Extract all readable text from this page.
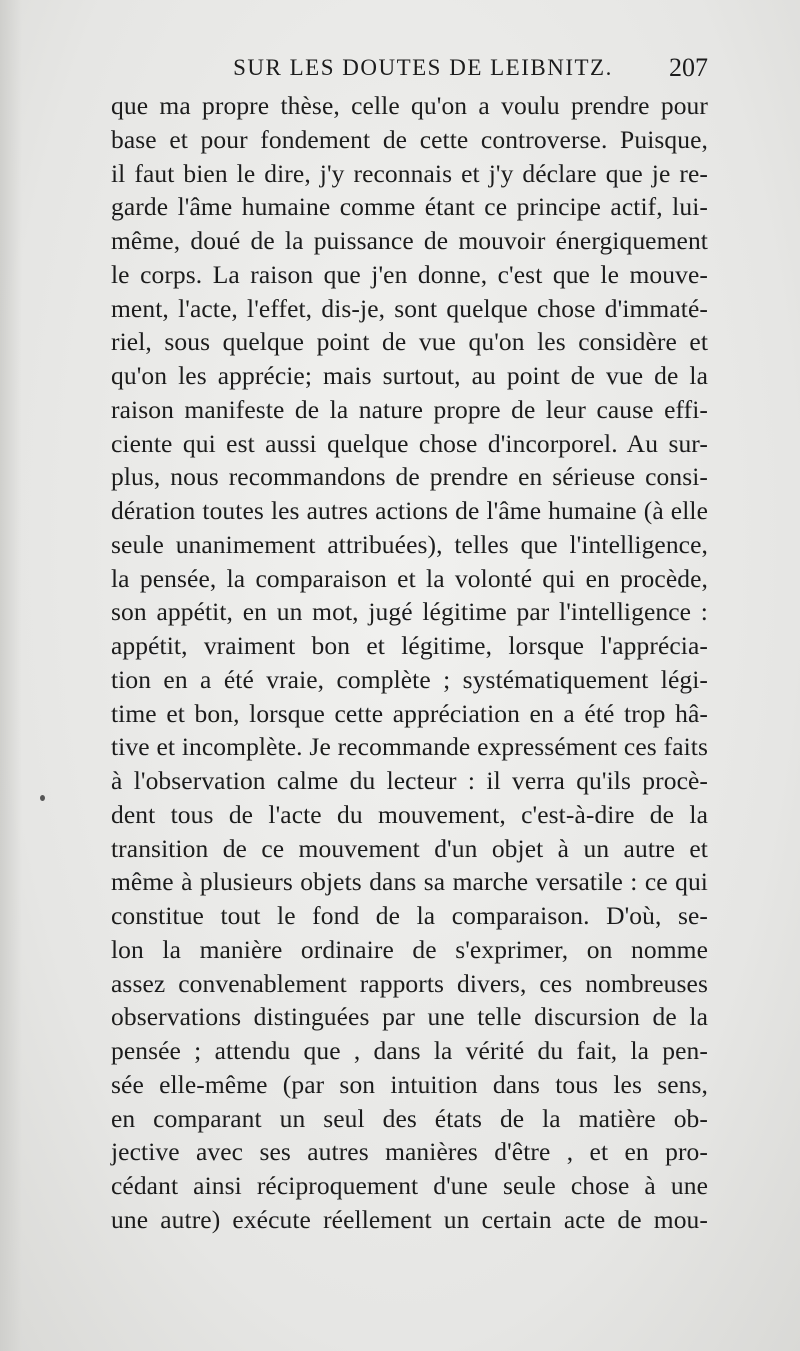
SUR LES DOUTES DE LEIBNITZ.	207
que ma propre thèse, celle qu'on a voulu prendre pour
base et pour fondement de cette controverse. Puisque,
il faut bien le dire, j'y reconnais et j'y déclare que je re-
garde l'âme humaine comme étant ce principe actif, lui-
même, doué de la puissance de mouvoir énergiquement
le corps. La raison que j'en donne, c'est que le mouve-
ment, l'acte, l'effet, dis-je, sont quelque chose d'immaté-
riel, sous quelque point de vue qu'on les considère et
qu'on les apprécie; mais surtout, au point de vue de la
raison manifeste de la nature propre de leur cause effi-
ciente qui est aussi quelque chose d'incorporel. Au sur-
plus, nous recommandons de prendre en sérieuse consi-
dération toutes les autres actions de l'âme humaine (à elle
seule unanimement attribuées), telles que l'intelligence,
la pensée, la comparaison et la volonté qui en procède,
son appétit, en un mot, jugé légitime par l'intelligence :
appétit, vraiment bon et légitime, lorsque l'apprécia-
tion en a été vraie, complète ; systématiquement légi-
time et bon, lorsque cette appréciation en a été trop hâ-
tive et incomplète. Je recommande expressément ces faits
à l'observation calme du lecteur : il verra qu'ils procè-
dent tous de l'acte du mouvement, c'est-à-dire de la
transition de ce mouvement d'un objet à un autre et
même à plusieurs objets dans sa marche versatile : ce qui
constitue tout le fond de la comparaison. D'où, se-
lon la manière ordinaire de s'exprimer, on nomme
assez convenablement rapports divers, ces nombreuses
observations distinguées par une telle discursion de la
pensée ; attendu que , dans la vérité du fait, la pen-
sée elle-même (par son intuition dans tous les sens,
en comparant un seul des états de la matière ob-
jective avec ses autres manières d'être , et en pro-
cédant ainsi réciproquement d'une seule chose à une
une autre) exécute réellement un certain acte de mou-
